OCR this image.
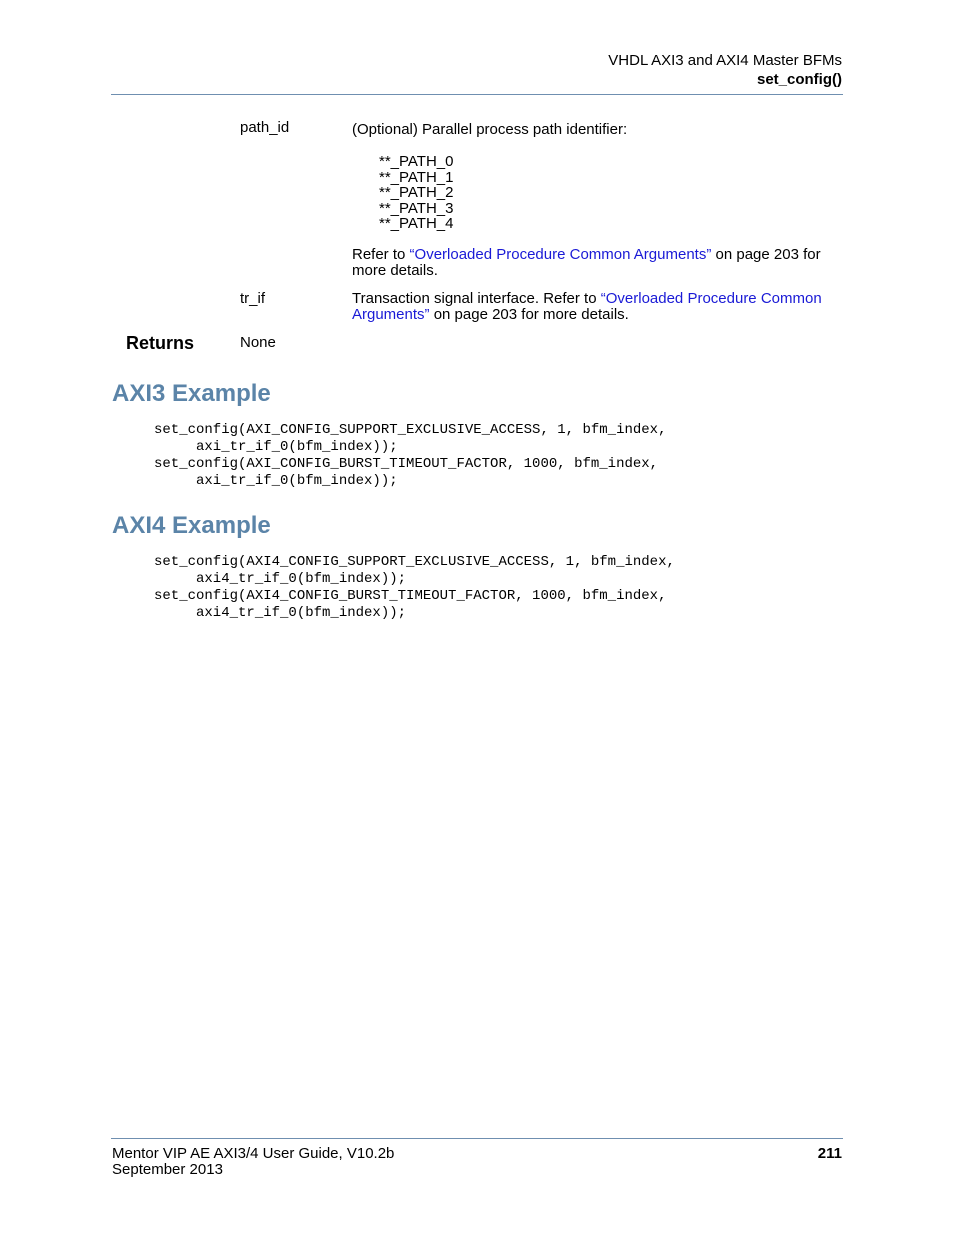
VHDL AXI3 and AXI4 Master BFMs
set_config()
path_id	(Optional) Parallel process path identifier:
**_PATH_0
**_PATH_1
**_PATH_2
**_PATH_3
**_PATH_4
Refer to “Overloaded Procedure Common Arguments” on page 203 for more details.
tr_if	Transaction signal interface. Refer to “Overloaded Procedure Common Arguments” on page 203 for more details.
Returns	None
AXI3 Example
set_config(AXI_CONFIG_SUPPORT_EXCLUSIVE_ACCESS, 1, bfm_index,
axi_tr_if_0(bfm_index));
set_config(AXI_CONFIG_BURST_TIMEOUT_FACTOR, 1000, bfm_index,
axi_tr_if_0(bfm_index));
AXI4 Example
set_config(AXI4_CONFIG_SUPPORT_EXCLUSIVE_ACCESS, 1, bfm_index,
axi4_tr_if_0(bfm_index));
set_config(AXI4_CONFIG_BURST_TIMEOUT_FACTOR, 1000, bfm_index,
axi4_tr_if_0(bfm_index));
Mentor VIP AE AXI3/4 User Guide, V10.2b
September 2013
211
